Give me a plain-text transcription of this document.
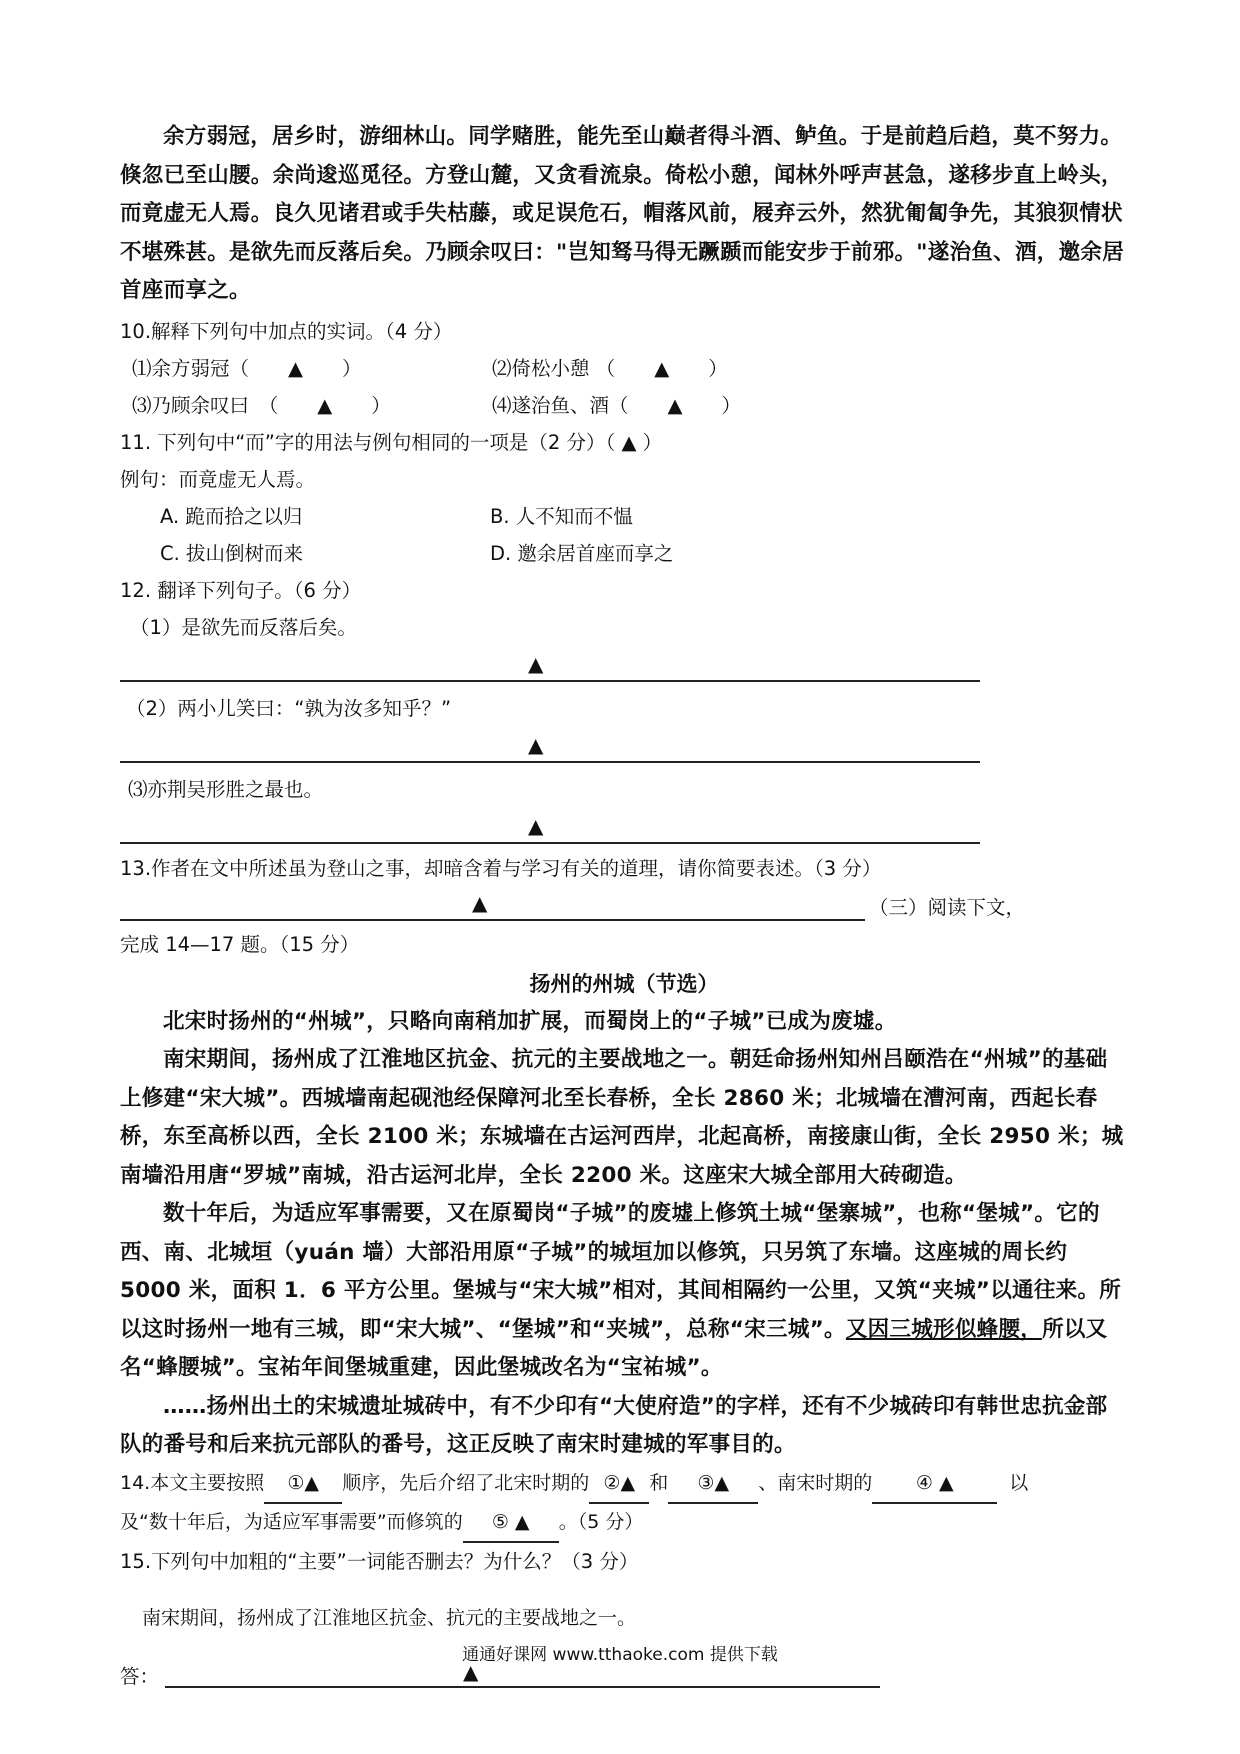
余方弱冠，居乡时，游细林山。同学赌胜，能先至山巅者得斗酒、鲈鱼。于是前趋后趋，莫不努力。倏忽已至山腰。余尚逡巡觅径。方登山麓，又贪看流泉。倚松小憩，闻林外呼声甚急，遂移步直上岭头，而竟虚无人焉。良久见诸君或手失枯藤，或足误危石，帽落风前，屐弃云外，然犹匍匐争先，其狼狈情状不堪殊甚。是欲先而反落后矣。乃顾余叹曰："岂知驽马得无蹶踬而能安步于前邪。"遂治鱼、酒，邀余居首座而享之。

10.解释下列句中加点的实词。（4 分）

⑴余方弱冠（　　▲　　）	⑵倚松小憩 （　　▲　　）
⑶乃顾余叹曰　（　　▲　　）	⑷遂治鱼、酒（　　▲　　）

11. 下列句中“而”字的用法与例句相同的一项是（2 分）（ ▲ ）

例句：而竟虚无人焉。

A. 跪而拾之以归	B. 人不知而不愠
C. 拔山倒树而来	D. 邀余居首座而享之

12. 翻译下列句子。（6 分）

（1）是欲先而反落后矣。

▲

（2）两小儿笑曰：“孰为汝多知乎？”

▲

⑶亦荆吴形胜之最也。

▲

13.作者在文中所述虽为登山之事，却暗含着与学习有关的道理，请你简要表述。（3 分）

▲	（三）阅读下文，

完成 14—17 题。（15 分）

扬州的州城（节选）

北宋时扬州的“州城”，只略向南稍加扩展，而蜀岗上的“子城”已成为废墟。

南宋期间，扬州成了江淮地区抗金、抗元的主要战地之一。朝廷命扬州知州吕颐浩在“州城”的基础上修建“宋大城”。西城墙南起砚池经保障河北至长春桥，全长 2860 米；北城墙在漕河南，西起长春桥，东至高桥以西，全长 2100 米；东城墙在古运河西岸，北起高桥，南接康山街，全长 2950 米；城南墙沿用唐“罗城”南城，沿古运河北岸，全长 2200 米。这座宋大城全部用大砖砌造。

数十年后，为适应军事需要，又在原蜀岗“子城”的废墟上修筑土城“堡寨城”，也称“堡城”。它的西、南、北城垣（yuán 墙）大部沿用原“子城”的城垣加以修筑，只另筑了东墙。这座城的周长约 5000 米，面积 1．6 平方公里。堡城与“宋大城”相对，其间相隔约一公里，又筑“夹城”以通往来。所以这时扬州一地有三城，即“宋大城”、“堡城”和“夹城”，总称“宋三城”。又因三城形似蜂腰，所以又名“蜂腰城”。宝祐年间堡城重建，因此堡城改名为“宝祐城”。

……扬州出土的宋城遗址城砖中，有不少印有“大使府造”的字样，还有不少城砖印有韩世忠抗金部队的番号和后来抗元部队的番号，这正反映了南宋时建城的军事目的。

14.本文主要按照 ①▲ 顺序，先后介绍了北宋时期的 ②▲ 和 ③▲ 、南宋时期的 ④ ▲	以

及“数十年后，为适应军事需要”而修筑的 ⑤ ▲ 。（5 分）

15.下列句中加粗的“主要”一词能否删去？为什么？（3 分）

南宋期间，扬州成了江淮地区抗金、抗元的主要战地之一。

答：	▲
通通好课网 www.tthaoke.com 提供下载
